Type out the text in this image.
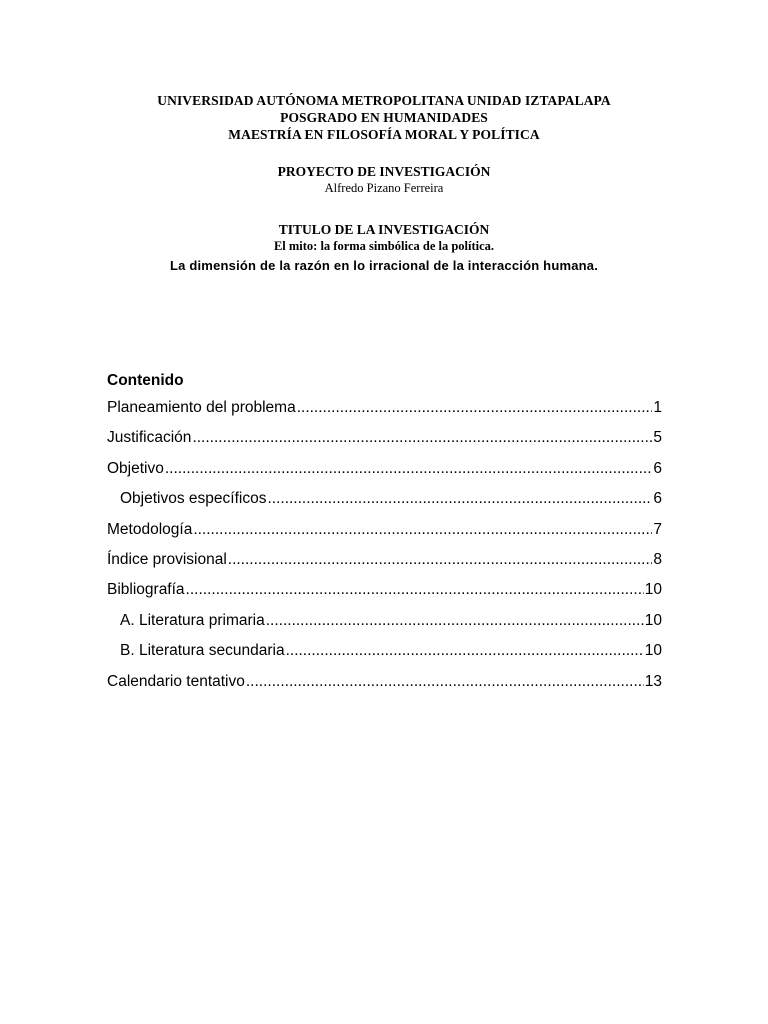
UNIVERSIDAD AUTÓNOMA METROPOLITANA UNIDAD IZTAPALAPA
POSGRADO EN HUMANIDADES
MAESTRÍA EN FILOSOFÍA MORAL Y POLÍTICA
PROYECTO DE INVESTIGACIÓN
Alfredo Pizano Ferreira
TITULO DE LA INVESTIGACIÓN
El mito: la forma simbólica de la política.
La dimensión de la razón en lo irracional de la interacción humana.
Contenido
Planeamiento del problema .....	1
Justificación .....	5
Objetivo .....	6
Objetivos específicos .....	6
Metodología .....	7
Índice provisional .....	8
Bibliografía .....	10
A. Literatura primaria .....	10
B. Literatura secundaria .....	10
Calendario tentativo .....	13
